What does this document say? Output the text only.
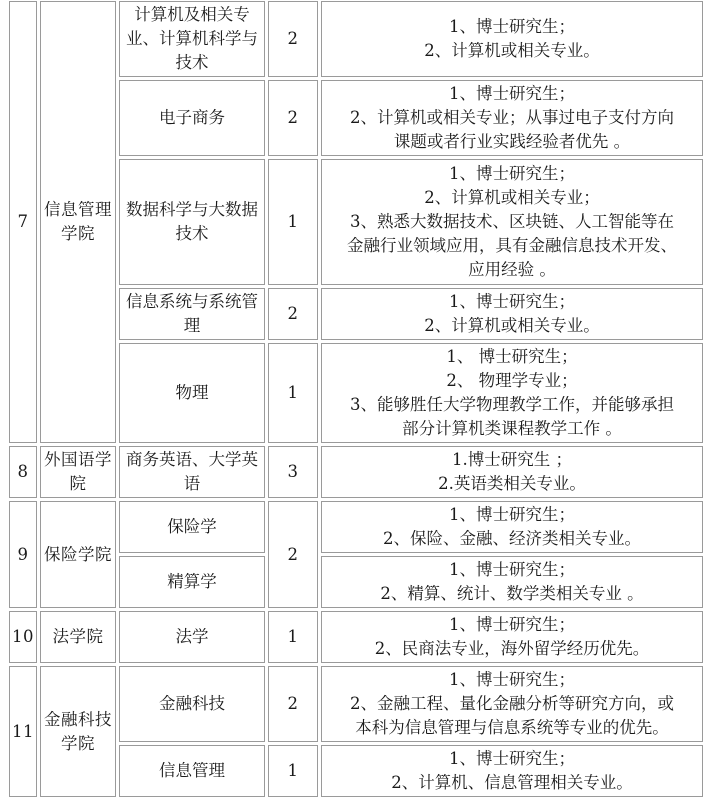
7	信息管理学院	计算机及相关专业、计算机科学与技术	2	1、博士研究生；
2、计算机或相关专业。

		电子商务	2	1、博士研究生；
2、计算机或相关专业；从事过电子支付方向
课题或者行业实践经验者优先 。

		数据科学与大数据技术	1	1、博士研究生；
2、计算机或相关专业；
3、熟悉大数据技术、区块链、人工智能等在
金融行业领域应用，具有金融信息技术开发、
应用经验 。

		信息系统与系统管理	2	1、博士研究生；
2、计算机或相关专业。

		物理	1	1、 博士研究生；
2、 物理学专业；
3、能够胜任大学物理教学工作，并能够承担
部分计算机类课程教学工作 。

8	外国语学院	商务英语、大学英语	3	1.博士研究生 ；
2.英语类相关专业。

9	保险学院	保险学	2	1、博士研究生；
2、保险、金融、经济类相关专业。

		精算学		1、博士研究生；
2、精算、统计、数学类相关专业 。

10	法学院	法学	1	1、博士研究生；
2、民商法专业，海外留学经历优先。

11	金融科技学院	金融科技	2	1、博士研究生；
2、金融工程、量化金融分析等研究方向，或
本科为信息管理与信息系统等专业的优先。

		信息管理	1	1、博士研究生；
2、计算机、信息管理相关专业。
